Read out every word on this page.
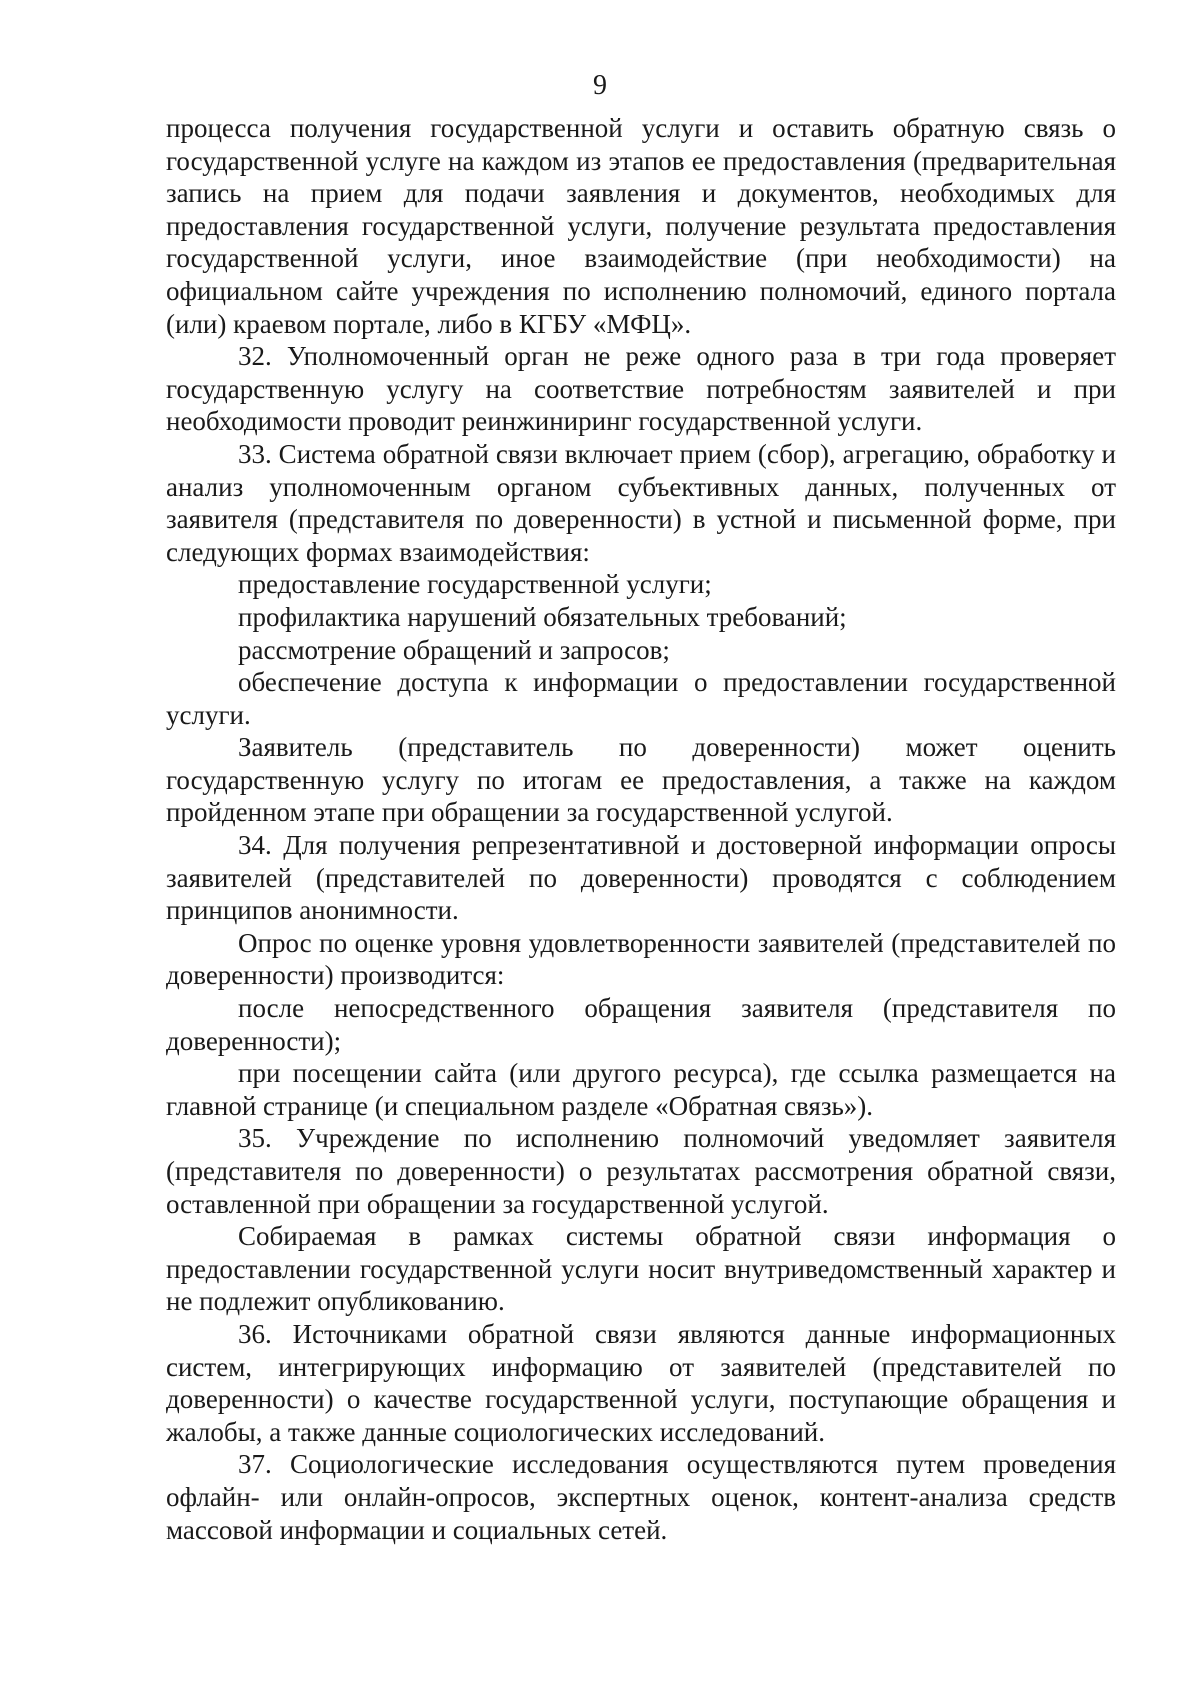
9

процесса получения государственной услуги и оставить обратную связь о государственной услуге на каждом из этапов ее предоставления (предварительная запись на прием для подачи заявления и документов, необходимых для предоставления государственной услуги, получение результата предоставления государственной услуги, иное взаимодействие (при необходимости) на официальном сайте учреждения по исполнению полномочий, единого портала (или) краевом портале, либо в КГБУ «МФЦ».

32. Уполномоченный орган не реже одного раза в три года проверяет государственную услугу на соответствие потребностям заявителей и при необходимости проводит реинжиниринг государственной услуги.

33. Система обратной связи включает прием (сбор), агрегацию, обработку и анализ уполномоченным органом субъективных данных, полученных от заявителя (представителя по доверенности) в устной и письменной форме, при следующих формах взаимодействия:

предоставление государственной услуги;

профилактика нарушений обязательных требований;

рассмотрение обращений и запросов;

обеспечение доступа к информации о предоставлении государственной услуги.

Заявитель (представитель по доверенности) может оценить государственную услугу по итогам ее предоставления, а также на каждом пройденном этапе при обращении за государственной услугой.

34. Для получения репрезентативной и достоверной информации опросы заявителей (представителей по доверенности) проводятся с соблюдением принципов анонимности.

Опрос по оценке уровня удовлетворенности заявителей (представителей по доверенности) производится:

после непосредственного обращения заявителя (представителя по доверенности);

при посещении сайта (или другого ресурса), где ссылка размещается на главной странице (и специальном разделе «Обратная связь»).

35. Учреждение по исполнению полномочий уведомляет заявителя (представителя по доверенности) о результатах рассмотрения обратной связи, оставленной при обращении за государственной услугой.

Собираемая в рамках системы обратной связи информация о предоставлении государственной услуги носит внутриведомственный характер и не подлежит опубликованию.

36. Источниками обратной связи являются данные информационных систем, интегрирующих информацию от заявителей (представителей по доверенности) о качестве государственной услуги, поступающие обращения и жалобы, а также данные социологических исследований.

37. Социологические исследования осуществляются путем проведения офлайн- или онлайн-опросов, экспертных оценок, контент-анализа средств массовой информации и социальных сетей.
